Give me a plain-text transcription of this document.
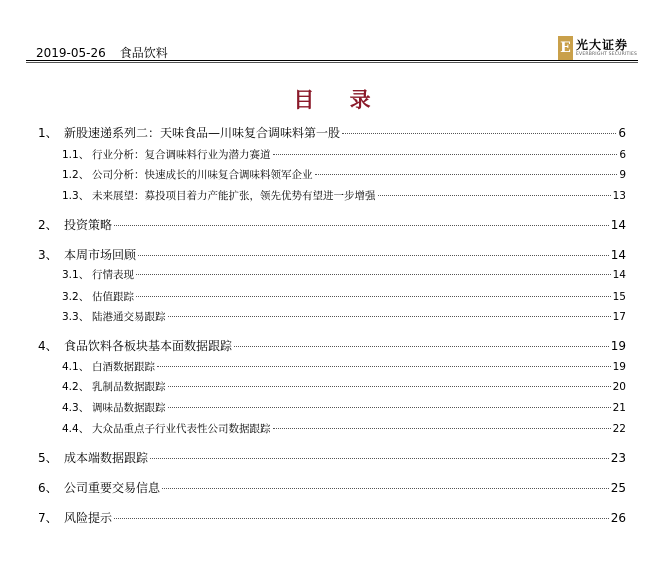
2019-05-26 食品饮料	E 光大证券
EVERBRIGHT SECURITIES
目 录
1、 新股速递系列二：天味食品—川味复合调味料第一股	6
1.1、 行业分析：复合调味料行业为潜力赛道	6
1.2、 公司分析：快速成长的川味复合调味料领军企业	9
1.3、 未来展望：募投项目着力产能扩张，领先优势有望进一步增强	13
2、 投资策略	14
3、 本周市场回顾	14
3.1、 行情表现	14
3.2、 估值跟踪	15
3.3、 陆港通交易跟踪	17
4、 食品饮料各板块基本面数据跟踪	19
4.1、 白酒数据跟踪	19
4.2、 乳制品数据跟踪	20
4.3、 调味品数据跟踪	21
4.4、 大众品重点子行业代表性公司数据跟踪	22
5、 成本端数据跟踪	23
6、 公司重要交易信息	25
7、 风险提示	26
